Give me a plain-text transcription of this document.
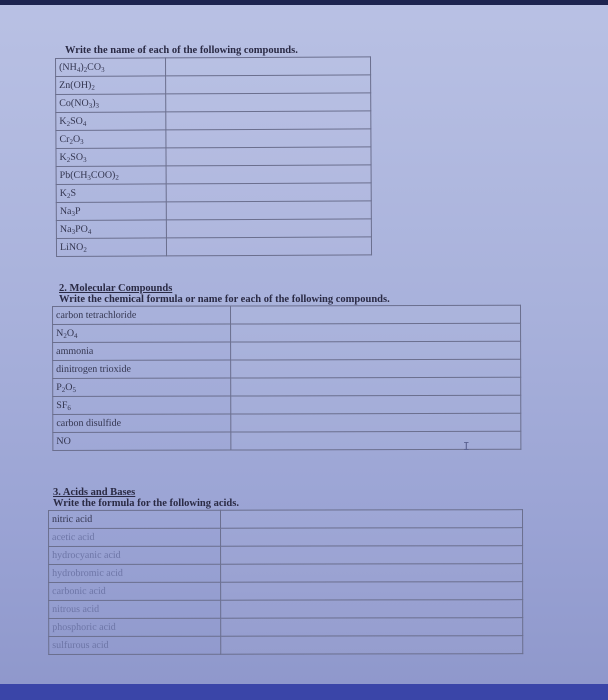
Write the name of each of the following compounds.
$(NH_4)_2CO_3$	
$Zn(OH)_2$	
$Co(NO_3)_3$	
$K_2SO_4$	
$Cr_2O_3$	
$K_2SO_3$	
$Pb(CH_3COO)_2$	
$K_2S$	
$Na_3P$	
$Na_3PO_4$	
LiNO$_2$	
2. Molecular Compounds
Write the chemical formula or name for each of the following compounds.
carbon tetrachloride	
$N_2O_4$	
ammonia	
dinitrogen trioxide	
$P_2O_5$	
$SF_6$	
carbon disulfide	
NO	
3. Acids and Bases
Write the formula for the following acids.
nitric acid	
acetic acid	
hydrocyanic acid	
hydrobromic acid	
carbonic acid	
nitrous acid	
phosphoric acid	
sulfurous acid	
I
